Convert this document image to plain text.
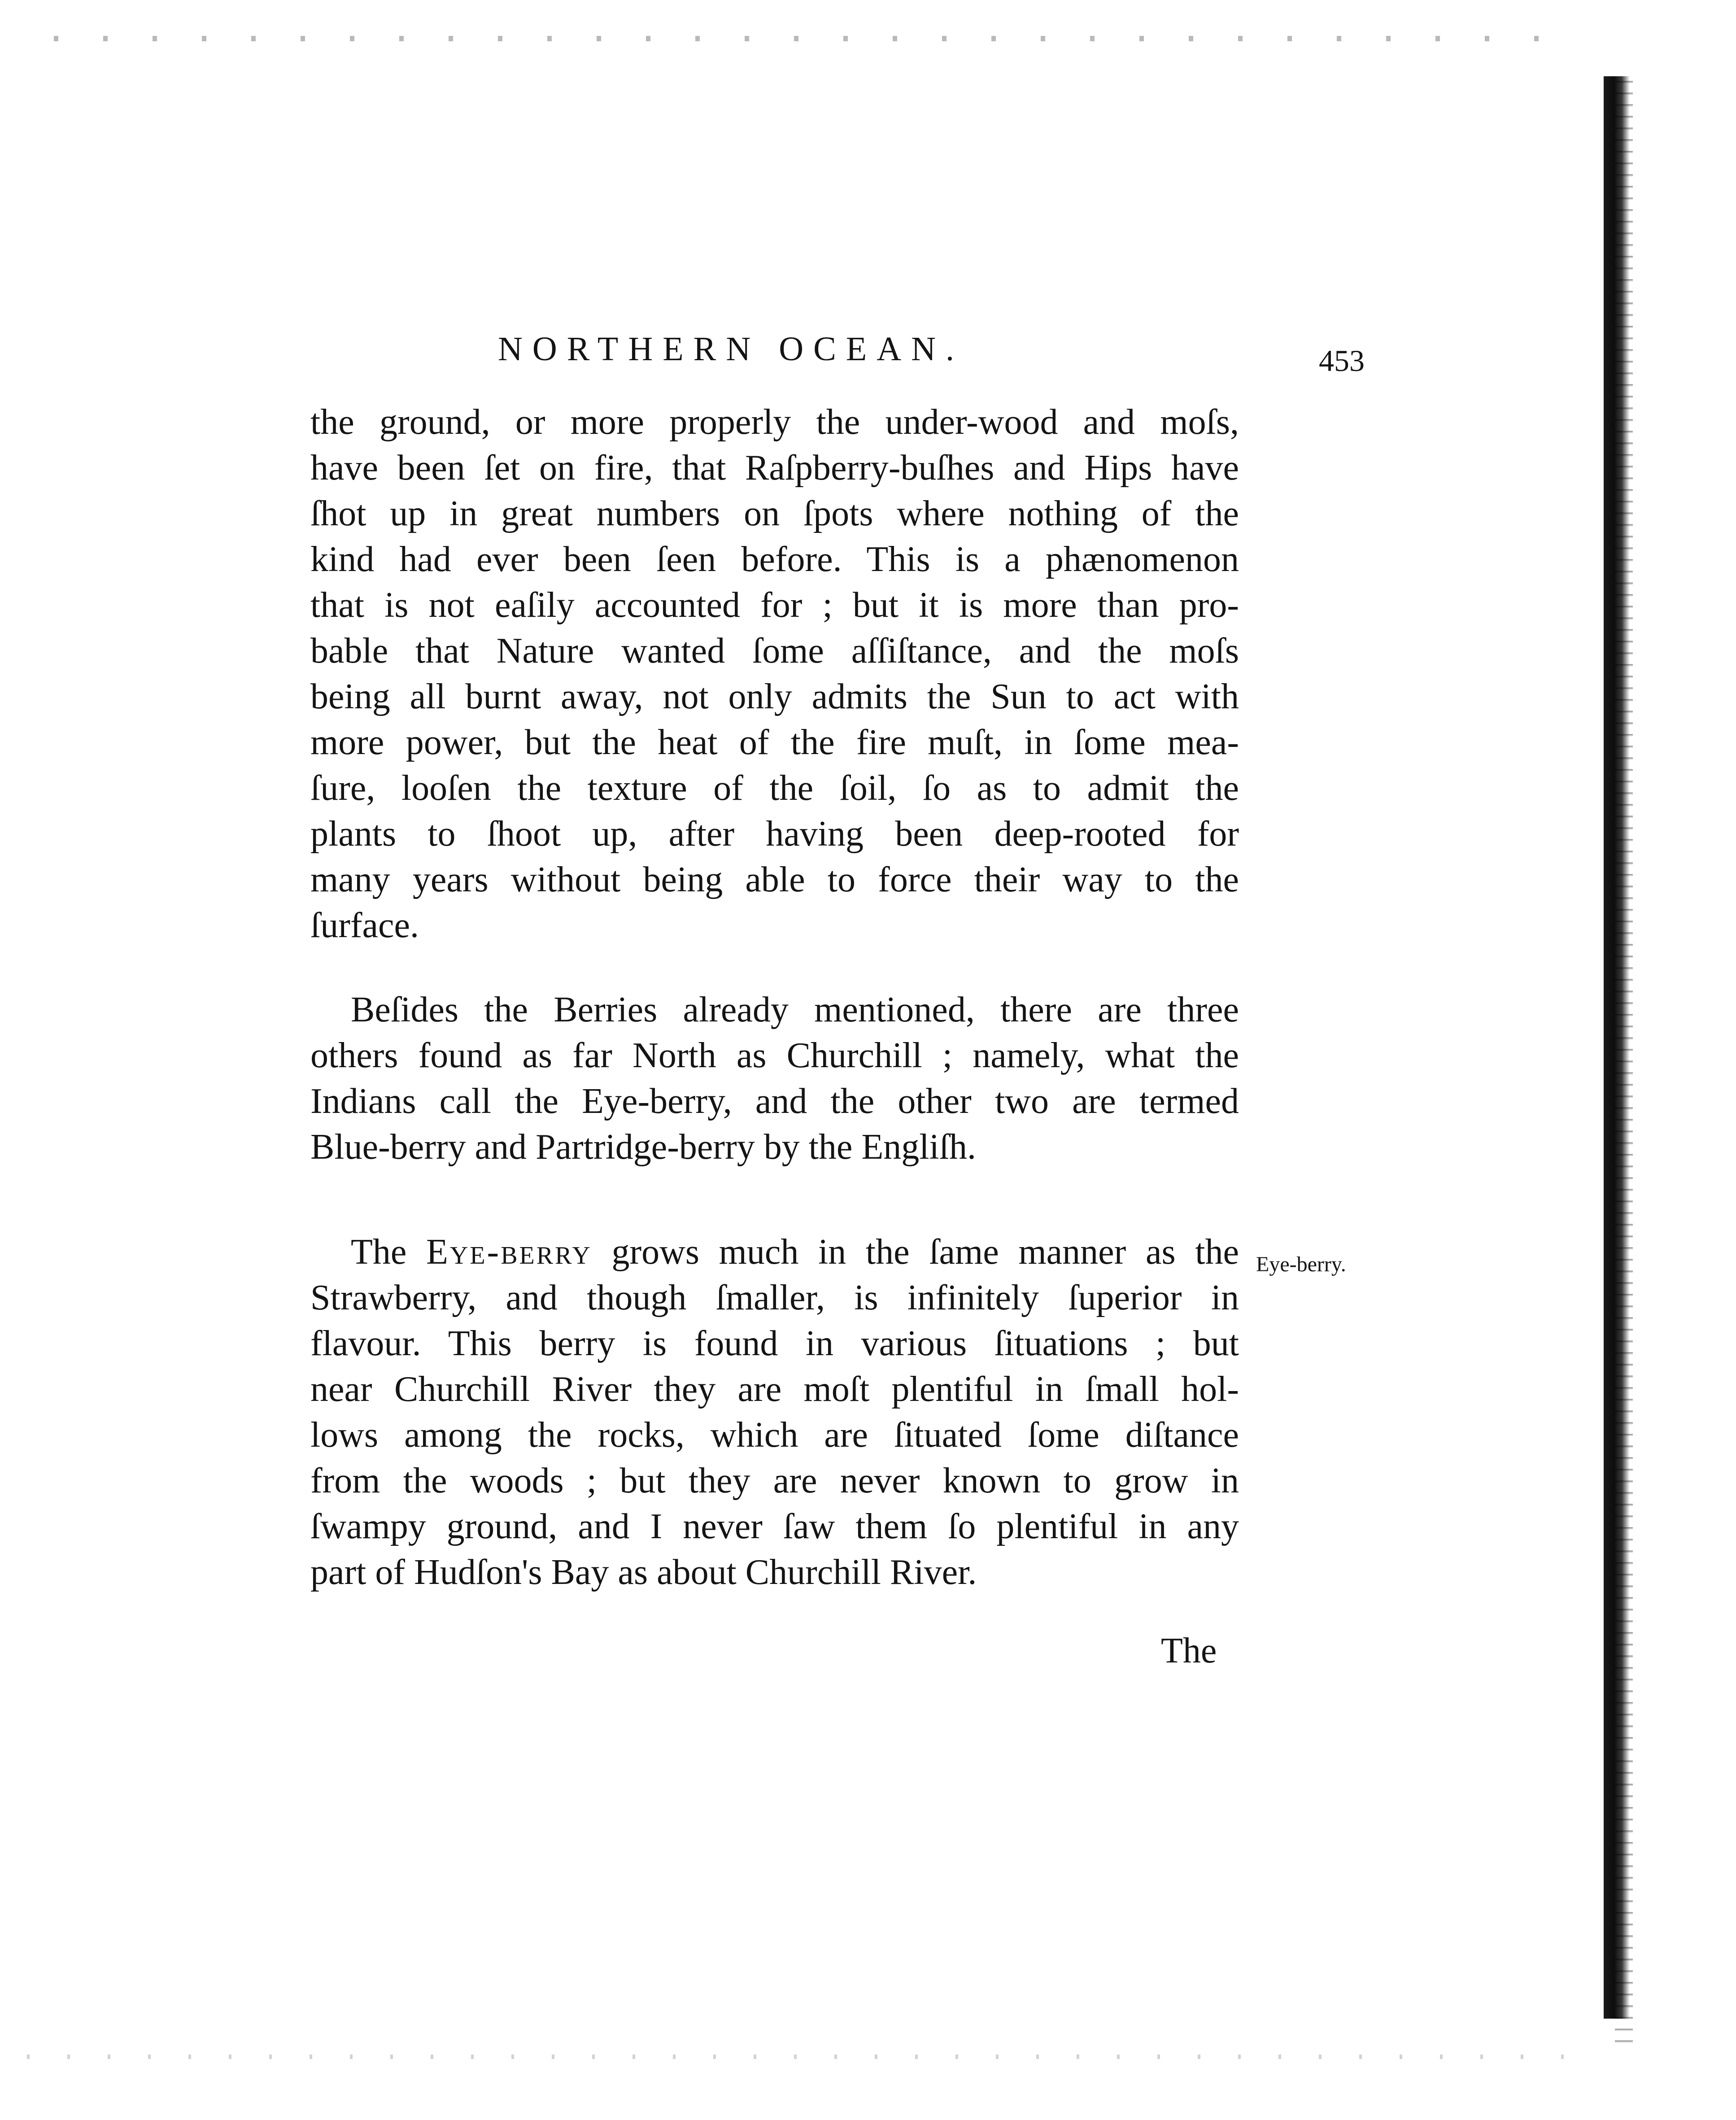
NORTHERN OCEAN.	453
the ground, or more properly the under-wood and moſs,
have been ſet on fire, that Raſpberry-buſhes and Hips have
ſhot up in great numbers on ſpots where nothing of the
kind had ever been ſeen before. This is a phænomenon
that is not eaſily accounted for ; but it is more than pro-
bable that Nature wanted ſome aſſiſtance, and the moſs
being all burnt away, not only admits the Sun to act with
more power, but the heat of the fire muſt, in ſome mea-
ſure, looſen the texture of the ſoil, ſo as to admit the
plants to ſhoot up, after having been deep-rooted for
many years without being able to force their way to the
ſurface.
Beſides the Berries already mentioned, there are three
others found as far North as Churchill ; namely, what the
Indians call the Eye-berry, and the other two are termed
Blue-berry and Partridge-berry by the Engliſh.
The Eye-berry grows much in the ſame manner as the
Strawberry, and though ſmaller, is infinitely ſuperior in
flavour. This berry is found in various ſituations ; but
near Churchill River they are moſt plentiful in ſmall hol-
lows among the rocks, which are ſituated ſome diſtance
from the woods ; but they are never known to grow in
ſwampy ground, and I never ſaw them ſo plentiful in any
part of Hudſon's Bay as about Churchill River.
Eye-berry.
The
